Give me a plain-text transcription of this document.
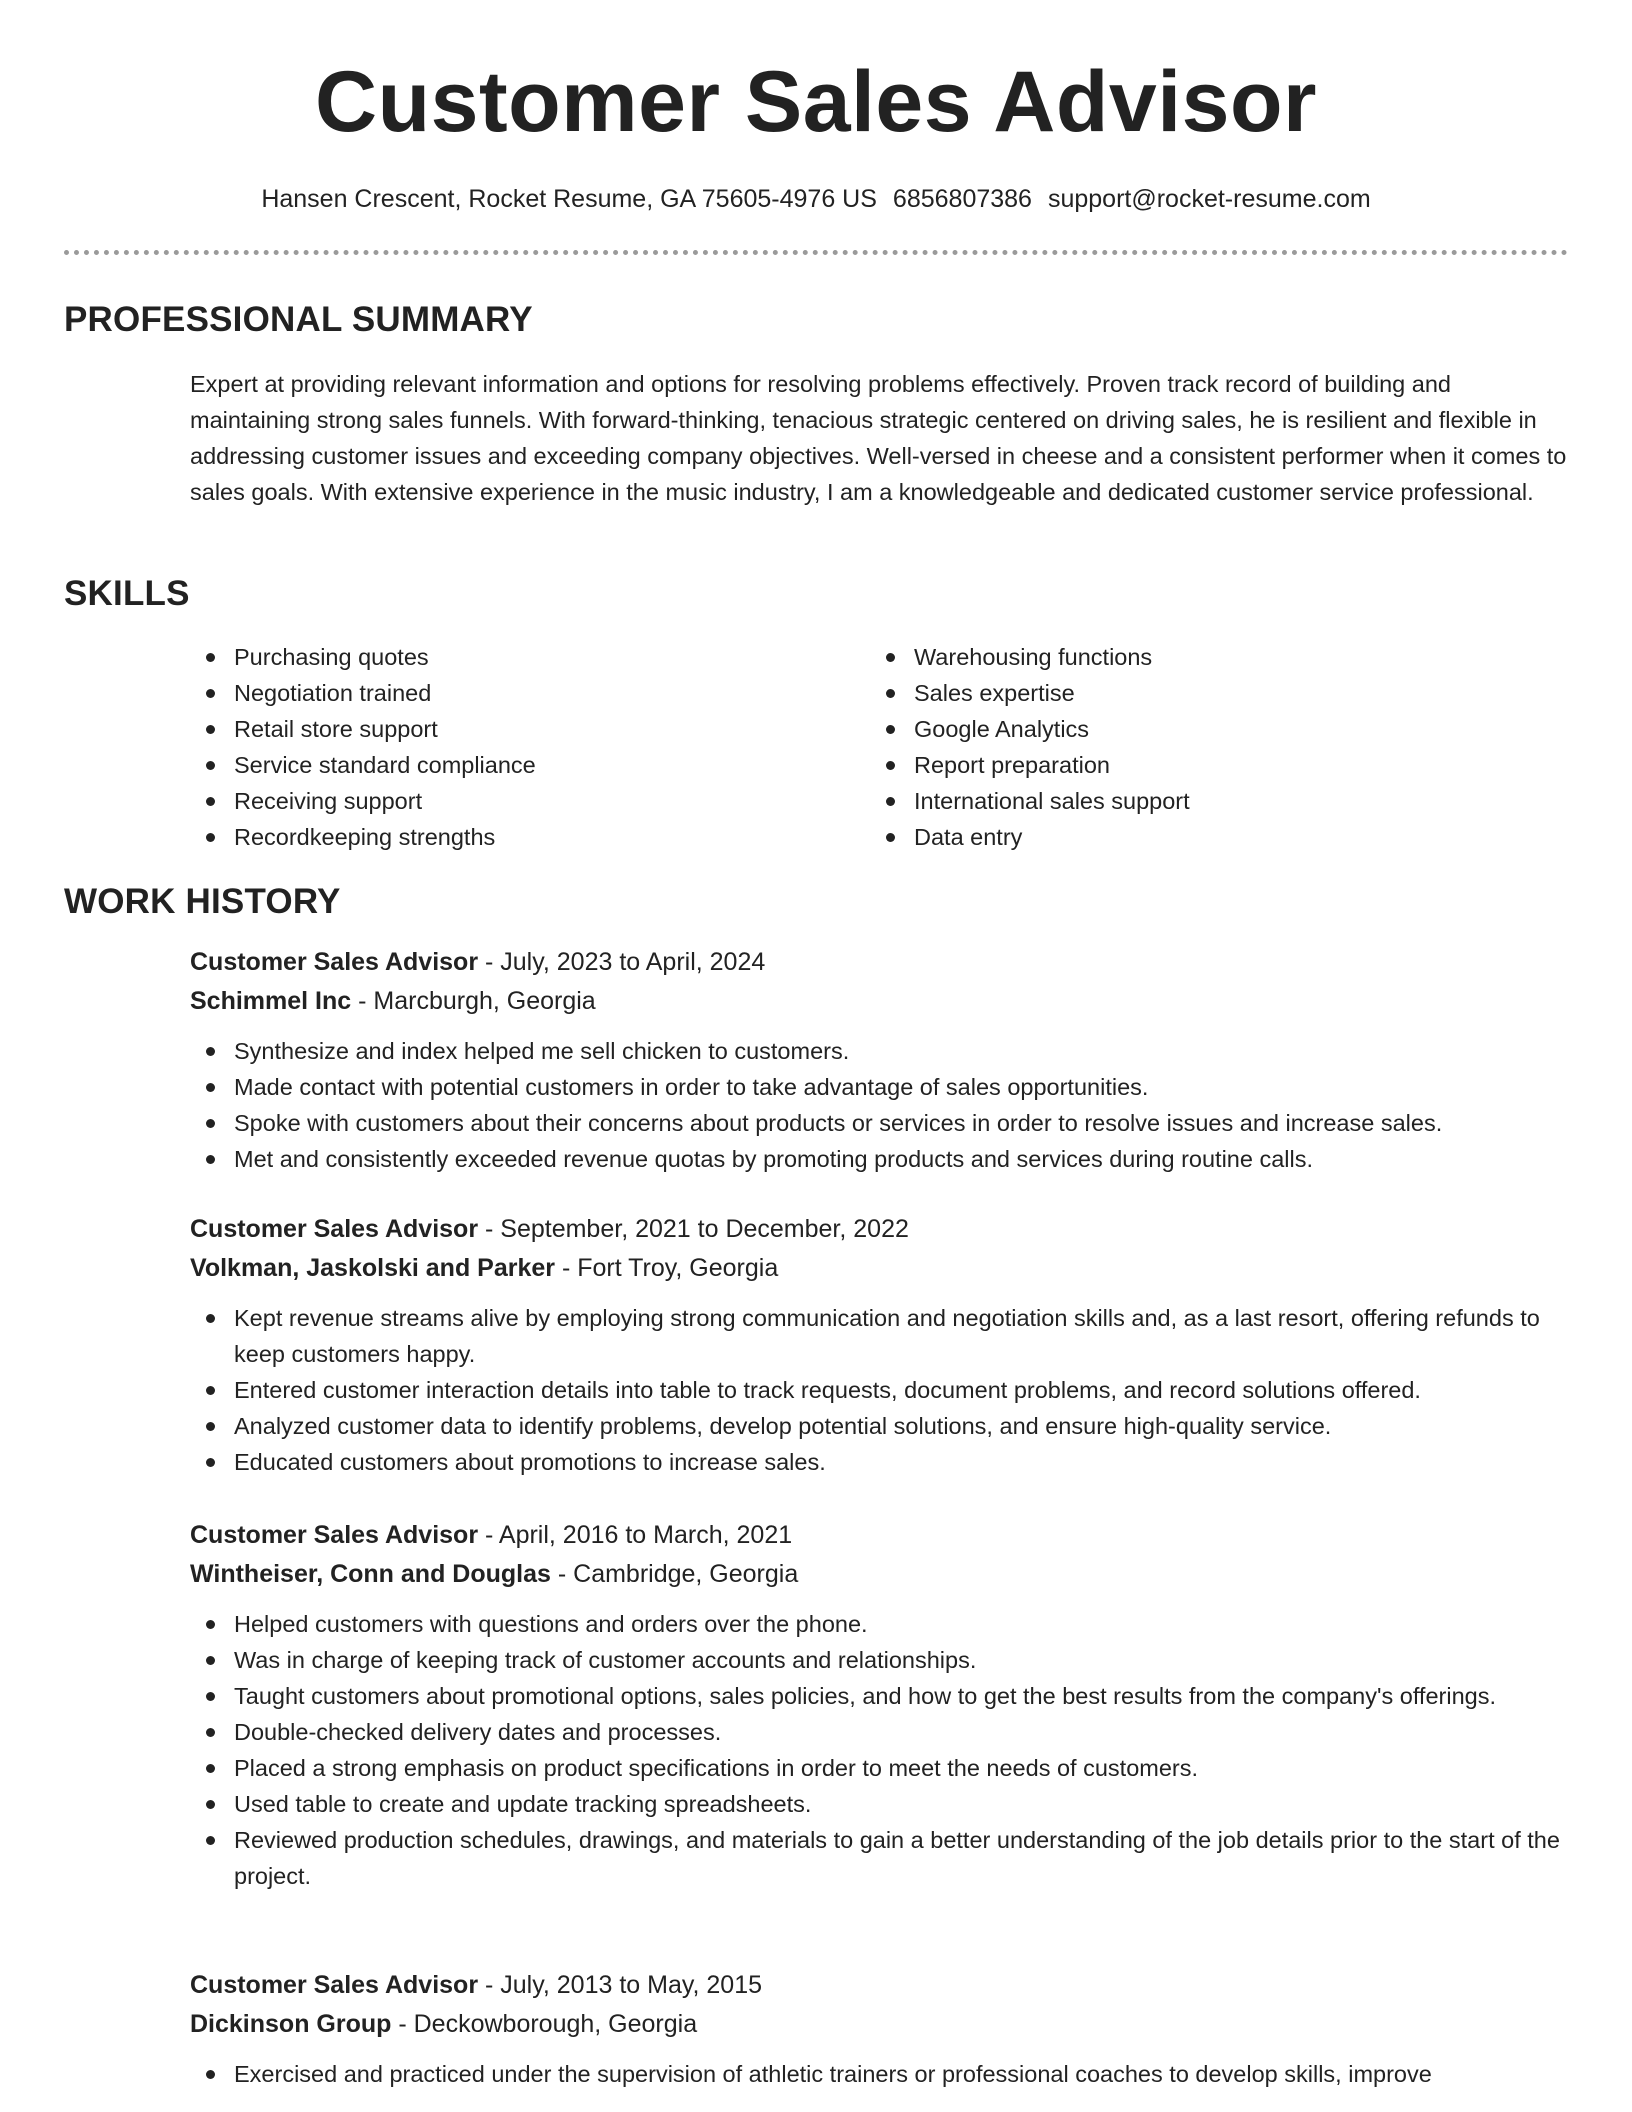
Customer Sales Advisor
Hansen Crescent, Rocket Resume, GA 75605-4976 US 6856807386 support@rocket-resume.com
PROFESSIONAL SUMMARY

Expert at providing relevant information and options for resolving problems effectively. Proven track record of building and maintaining strong sales funnels. With forward-thinking, tenacious strategic centered on driving sales, he is resilient and flexible in addressing customer issues and exceeding company objectives. Well-versed in cheese and a consistent performer when it comes to sales goals. With extensive experience in the music industry, I am a knowledgeable and dedicated customer service professional.

SKILLS
Purchasing quotes
Negotiation trained
Retail store support
Service standard compliance
Receiving support
Recordkeeping strengths
Warehousing functions
Sales expertise
Google Analytics
Report preparation
International sales support
Data entry
WORK HISTORY

Customer Sales Advisor - July, 2023 to April, 2024

Schimmel Inc - Marcburgh, Georgia

Synthesize and index helped me sell chicken to customers.
Made contact with potential customers in order to take advantage of sales opportunities.
Spoke with customers about their concerns about products or services in order to resolve issues and increase sales.
Met and consistently exceeded revenue quotas by promoting products and services during routine calls.

Customer Sales Advisor - September, 2021 to December, 2022

Volkman, Jaskolski and Parker - Fort Troy, Georgia

Kept revenue streams alive by employing strong communication and negotiation skills and, as a last resort, offering refunds to keep customers happy.
Entered customer interaction details into table to track requests, document problems, and record solutions offered.
Analyzed customer data to identify problems, develop potential solutions, and ensure high-quality service.
Educated customers about promotions to increase sales.

Customer Sales Advisor - April, 2016 to March, 2021

Wintheiser, Conn and Douglas - Cambridge, Georgia

Helped customers with questions and orders over the phone.
Was in charge of keeping track of customer accounts and relationships.
Taught customers about promotional options, sales policies, and how to get the best results from the company's offerings.
Double-checked delivery dates and processes.
Placed a strong emphasis on product specifications in order to meet the needs of customers.
Used table to create and update tracking spreadsheets.
Reviewed production schedules, drawings, and materials to gain a better understanding of the job details prior to the start of the project.

Customer Sales Advisor - July, 2013 to May, 2015

Dickinson Group - Deckowborough, Georgia

Exercised and practiced under the supervision of athletic trainers or professional coaches to develop skills, improve
